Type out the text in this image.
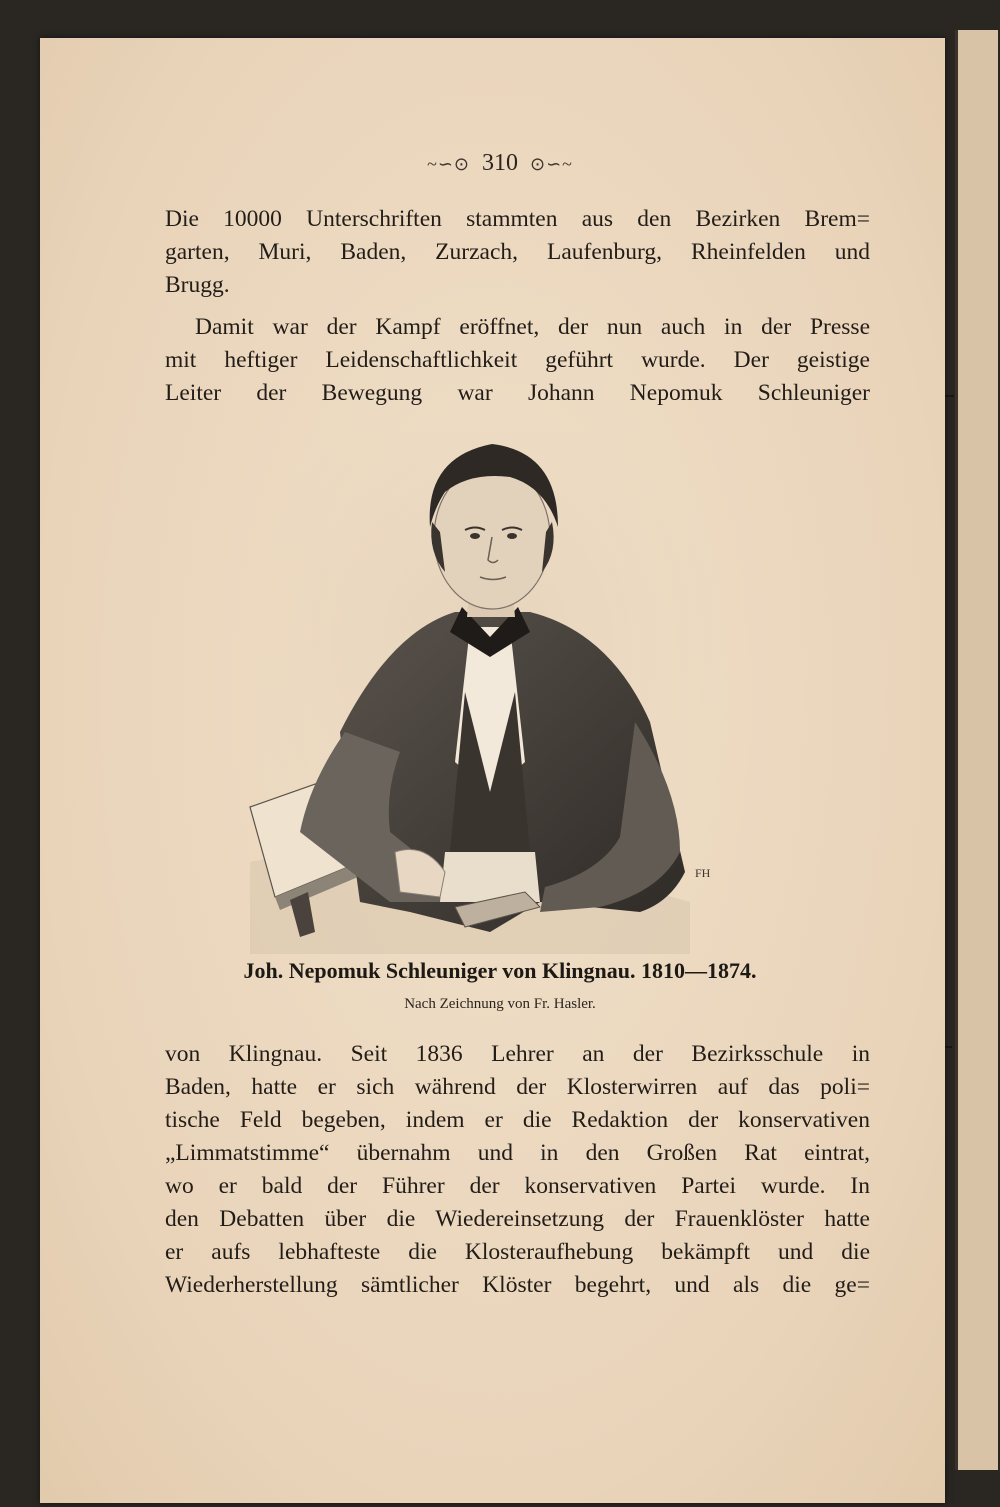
~∽⊙ 310 ⊙∽~
Die 10000 Unterschriften stammten aus den Bezirken Brem=
garten, Muri, Baden, Zurzach, Laufenburg, Rheinfelden und
Brugg.
Damit war der Kampf eröffnet, der nun auch in der Presse
mit heftiger Leidenschaftlichkeit geführt wurde. Der geistige
Leiter der Bewegung war Johann Nepomuk Schleuniger
FH
Joh. Nepomuk Schleuniger von Klingnau. 1810—1874.
Nach Zeichnung von Fr. Hasler.
von Klingnau. Seit 1836 Lehrer an der Bezirksschule in
Baden, hatte er sich während der Klosterwirren auf das poli=
tische Feld begeben, indem er die Redaktion der konservativen
„Limmatstimme“ übernahm und in den Großen Rat eintrat,
wo er bald der Führer der konservativen Partei wurde. In
den Debatten über die Wiedereinsetzung der Frauenklöster hatte
er aufs lebhafteste die Klosteraufhebung bekämpft und die
Wiederherstellung sämtlicher Klöster begehrt, und als die ge=
